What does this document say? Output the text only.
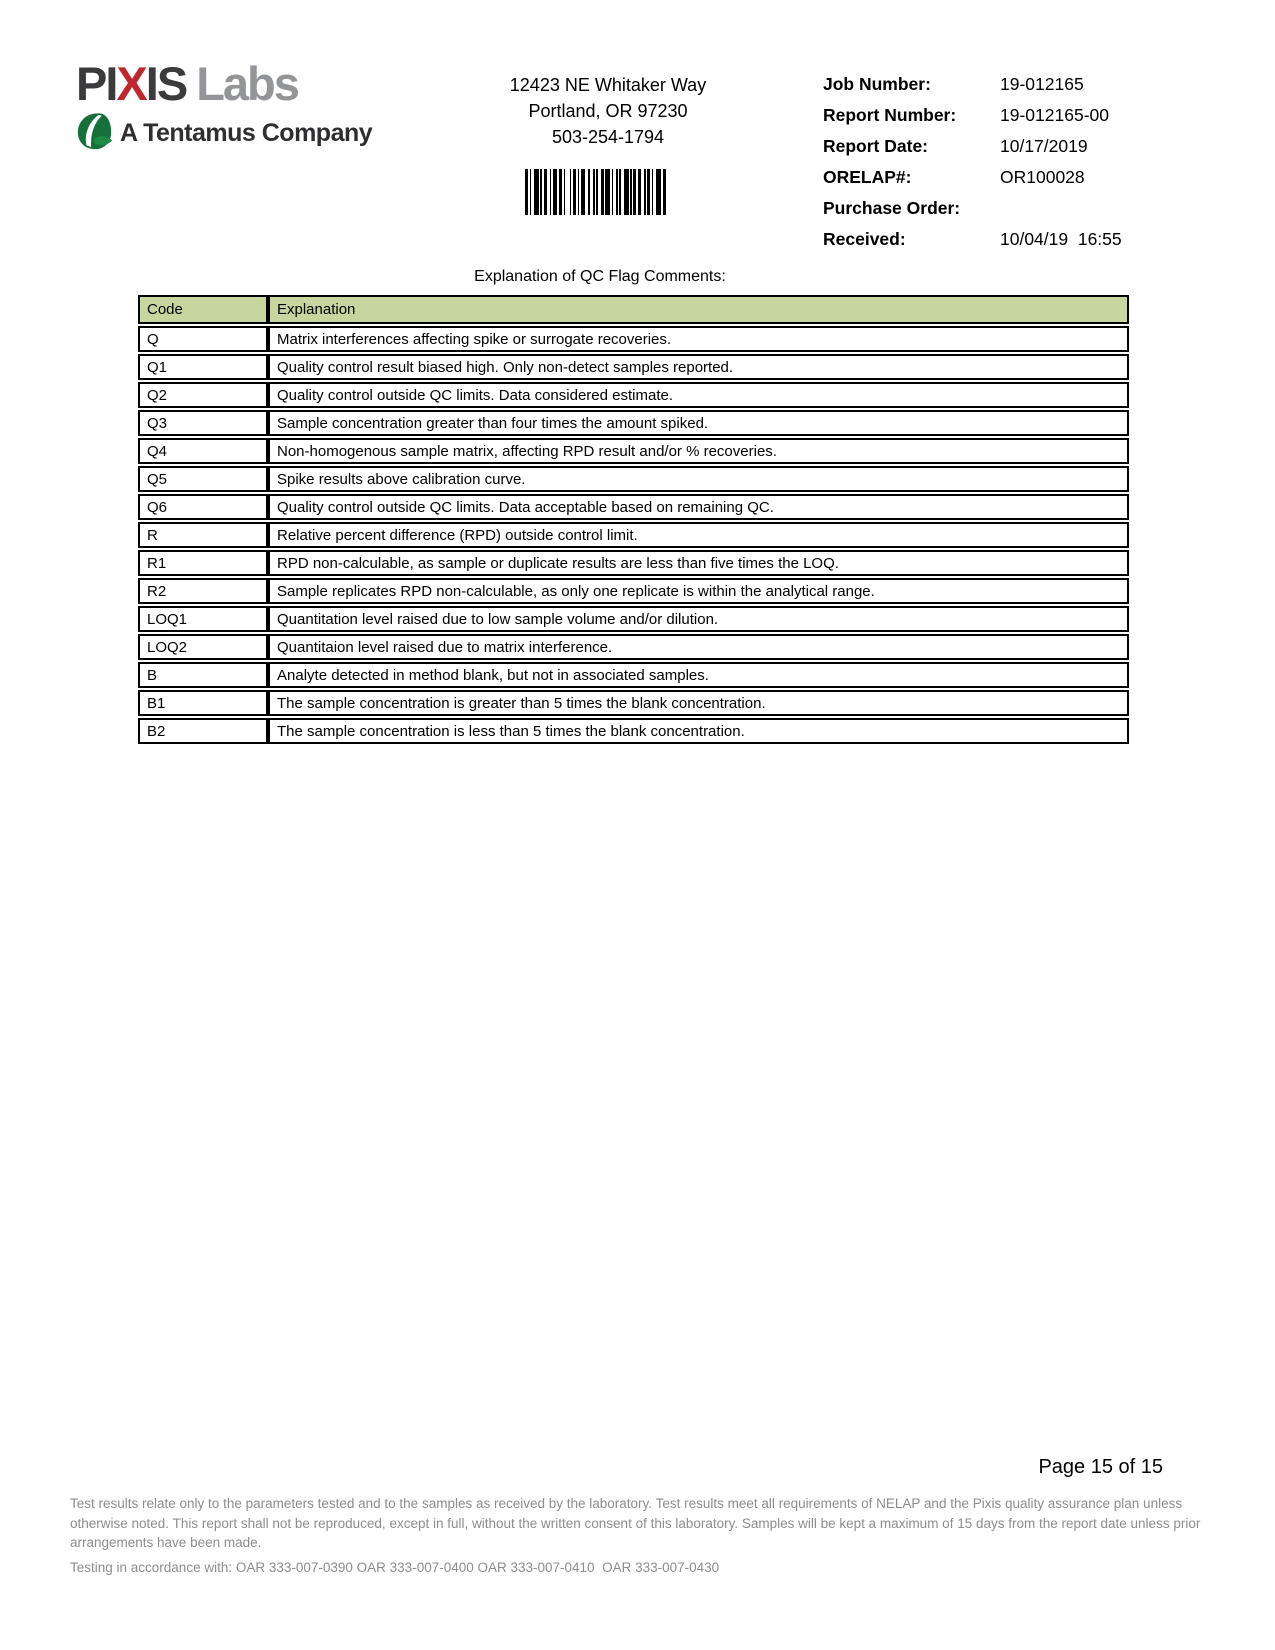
PIXIS Labs
A Tentamus Company
12423 NE Whitaker Way
Portland, OR 97230
503-254-1794
Job Number:	19-012165
Report Number:	19-012165-00
Report Date:	10/17/2019
ORELAP#:	OR100028
Purchase Order:
Received:	10/04/19  16:55
Explanation of QC Flag Comments:
Code	Explanation
Q	Matrix interferences affecting spike or surrogate recoveries.
Q1	Quality control result biased high. Only non-detect samples reported.
Q2	Quality control outside QC limits. Data considered estimate.
Q3	Sample concentration greater than four times the amount spiked.
Q4	Non-homogenous sample matrix, affecting RPD result and/or % recoveries.
Q5	Spike results above calibration curve.
Q6	Quality control outside QC limits. Data acceptable based on remaining QC.
R	Relative percent difference (RPD) outside control limit.
R1	RPD non-calculable, as sample or duplicate results are less than five times the LOQ.
R2	Sample replicates RPD non-calculable, as only one replicate is within the analytical range.
LOQ1	Quantitation level raised due to low sample volume and/or dilution.
LOQ2	Quantitaion level raised due to matrix interference.
B	Analyte detected in method blank, but not in associated samples.
B1	The sample concentration is greater than 5 times the blank concentration.
B2	The sample concentration is less than 5 times the blank concentration.
Page 15 of 15
Test results relate only to the parameters tested and to the samples as received by the laboratory. Test results meet all requirements of NELAP and the Pixis quality assurance plan unless otherwise noted. This report shall not be reproduced, except in full, without the written consent of this laboratory. Samples will be kept a maximum of 15 days from the report date unless prior arrangements have been made.
Testing in accordance with: OAR 333-007-0390 OAR 333-007-0400 OAR 333-007-0410  OAR 333-007-0430
